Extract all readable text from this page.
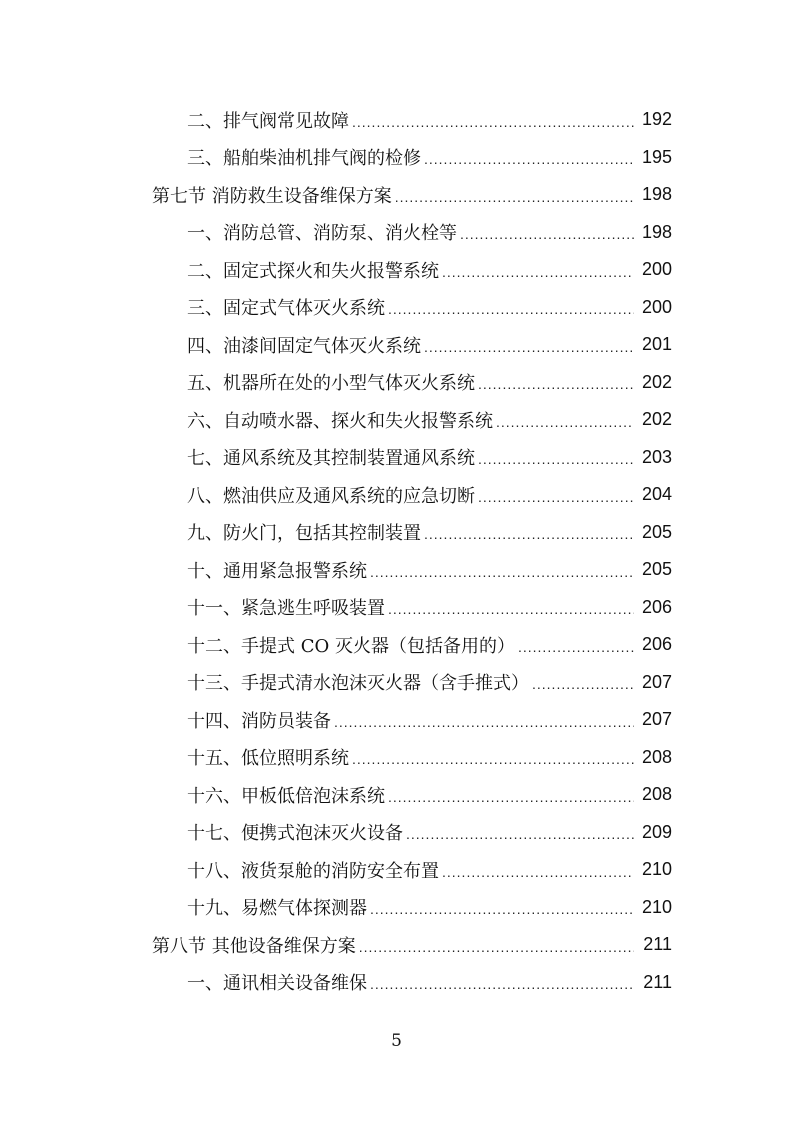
二、排气阀常见故障 .....	192
三、船舶柴油机排气阀的检修 .....	195
第七节 消防救生设备维保方案 .....	198
一、消防总管、消防泵、消火栓等 .....	198
二、固定式探火和失火报警系统 .....	200
三、固定式气体灭火系统 .....	200
四、油漆间固定气体灭火系统 .....	201
五、机器所在处的小型气体灭火系统 .....	202
六、自动喷水器、探火和失火报警系统 .....	202
七、通风系统及其控制装置通风系统 .....	203
八、燃油供应及通风系统的应急切断 .....	204
九、防火门，包括其控制装置 .....	205
十、通用紧急报警系统 .....	205
十一、紧急逃生呼吸装置 .....	206
十二、手提式 CO 灭火器（包括备用的） .....	206
十三、手提式清水泡沫灭火器（含手推式） .....	207
十四、消防员装备 .....	207
十五、低位照明系统 .....	208
十六、甲板低倍泡沫系统 .....	208
十七、便携式泡沫灭火设备 .....	209
十八、液货泵舱的消防安全布置 .....	210
十九、易燃气体探测器 .....	210
第八节 其他设备维保方案 .....	211
一、通讯相关设备维保 .....	211
5
